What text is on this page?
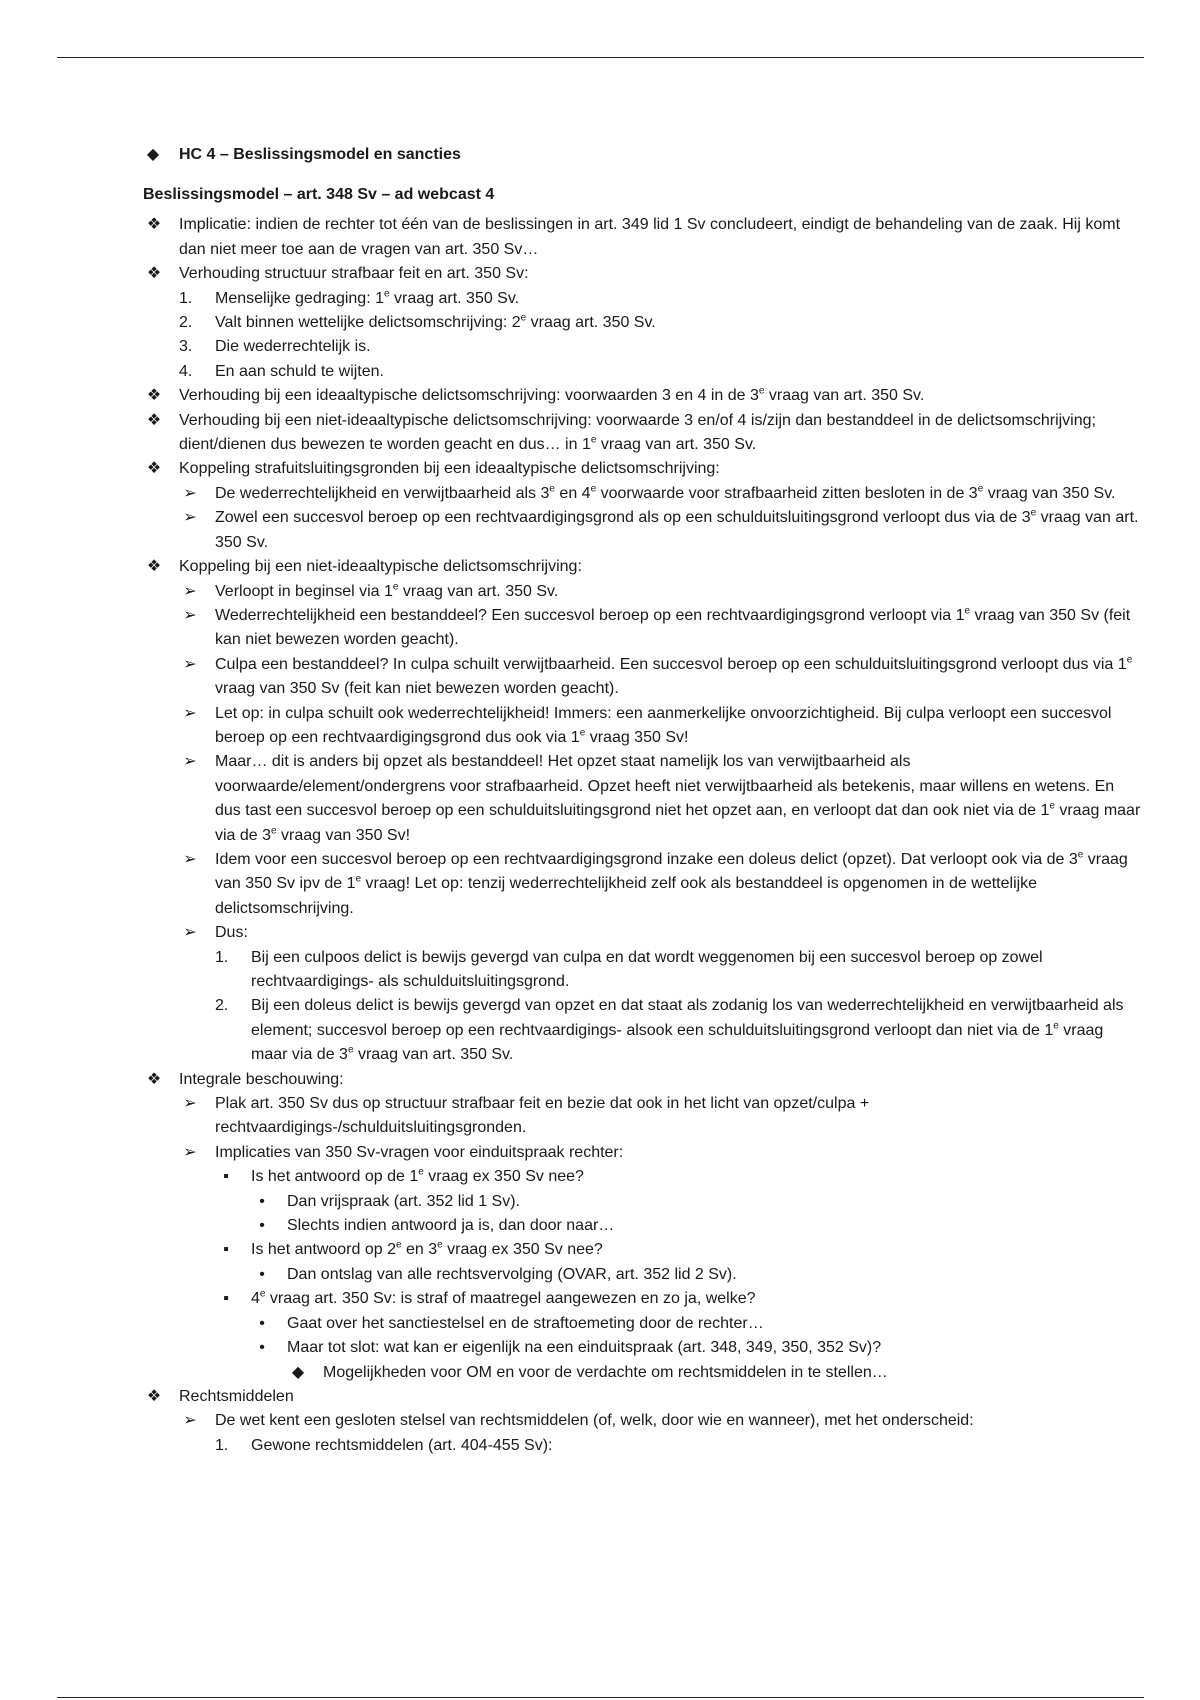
◆ HC 4 – Beslissingsmodel en sancties
Beslissingsmodel – art. 348 Sv – ad webcast 4
❖ Implicatie: indien de rechter tot één van de beslissingen in art. 349 lid 1 Sv concludeert, eindigt de behandeling van de zaak. Hij komt dan niet meer toe aan de vragen van art. 350 Sv…
❖ Verhouding structuur strafbaar feit en art. 350 Sv:
1.	Menselijke gedraging: 1e vraag art. 350 Sv.
2.	Valt binnen wettelijke delictsomschrijving: 2e vraag art. 350 Sv.
3.	Die wederrechtelijk is.
4.	En aan schuld te wijten.
❖ Verhouding bij een ideaaltypische delictsomschrijving: voorwaarden 3 en 4 in de 3e vraag van art. 350 Sv.
❖ Verhouding bij een niet-ideaaltypische delictsomschrijving: voorwaarde 3 en/of 4 is/zijn dan bestanddeel in de delictsomschrijving; dient/dienen dus bewezen te worden geacht en dus… in 1e vraag van art. 350 Sv.
❖ Koppeling strafuitsluitingsgronden bij een ideaaltypische delictsomschrijving:
➢ De wederrechtelijkheid en verwijtbaarheid als 3e en 4e voorwaarde voor strafbaarheid zitten besloten in de 3e vraag van 350 Sv.
➢ Zowel een succesvol beroep op een rechtvaardigingsgrond als op een schulduitsluitingsgrond verloopt dus via de 3e vraag van art. 350 Sv.
❖ Koppeling bij een niet-ideaaltypische delictsomschrijving:
➢ Verloopt in beginsel via 1e vraag van art. 350 Sv.
➢ Wederrechtelijkheid een bestanddeel? Een succesvol beroep op een rechtvaardigingsgrond verloopt via 1e vraag van 350 Sv (feit kan niet bewezen worden geacht).
➢ Culpa een bestanddeel? In culpa schuilt verwijtbaarheid. Een succesvol beroep op een schulduitsluitingsgrond verloopt dus via 1e vraag van 350 Sv (feit kan niet bewezen worden geacht).
➢ Let op: in culpa schuilt ook wederrechtelijkheid! Immers: een aanmerkelijke onvoorzichtigheid. Bij culpa verloopt een succesvol beroep op een rechtvaardigingsgrond dus ook via 1e vraag 350 Sv!
➢ Maar… dit is anders bij opzet als bestanddeel! Het opzet staat namelijk los van verwijtbaarheid als voorwaarde/element/ondergrens voor strafbaarheid. Opzet heeft niet verwijtbaarheid als betekenis, maar willens en wetens. En dus tast een succesvol beroep op een schulduitsluitingsgrond niet het opzet aan, en verloopt dat dan ook niet via de 1e vraag maar via de 3e vraag van 350 Sv!
➢ Idem voor een succesvol beroep op een rechtvaardigingsgrond inzake een doleus delict (opzet). Dat verloopt ook via de 3e vraag van 350 Sv ipv de 1e vraag! Let op: tenzij wederrechtelijkheid zelf ook als bestanddeel is opgenomen in de wettelijke delictsomschrijving.
➢ Dus:
1.	Bij een culpoos delict is bewijs gevergd van culpa en dat wordt weggenomen bij een succesvol beroep op zowel rechtvaardigings- als schulduitsluitingsgrond.
2.	Bij een doleus delict is bewijs gevergd van opzet en dat staat als zodanig los van wederrechtelijkheid en verwijtbaarheid als element; succesvol beroep op een rechtvaardigings- alsook een schulduitsluitingsgrond verloopt dan niet via de 1e vraag maar via de 3e vraag van art. 350 Sv.
❖ Integrale beschouwing:
➢ Plak art. 350 Sv dus op structuur strafbaar feit en bezie dat ook in het licht van opzet/culpa + rechtvaardigings-/schulduitsluitingsgronden.
➢ Implicaties van 350 Sv-vragen voor einduitspraak rechter:
▪	Is het antwoord op de 1e vraag ex 350 Sv nee?
•	Dan vrijspraak (art. 352 lid 1 Sv).
•	Slechts indien antwoord ja is, dan door naar…
▪	Is het antwoord op 2e en 3e vraag ex 350 Sv nee?
•	Dan ontslag van alle rechtsvervolging (OVAR, art. 352 lid 2 Sv).
▪	4e vraag art. 350 Sv: is straf of maatregel aangewezen en zo ja, welke?
•	Gaat over het sanctiestelsel en de straftoemeting door de rechter…
•	Maar tot slot: wat kan er eigenlijk na een einduitspraak (art. 348, 349, 350, 352 Sv)?
◆	Mogelijkheden voor OM en voor de verdachte om rechtsmiddelen in te stellen…
❖ Rechtsmiddelen
➢ De wet kent een gesloten stelsel van rechtsmiddelen (of, welk, door wie en wanneer), met het onderscheid:
1.	Gewone rechtsmiddelen (art. 404-455 Sv):
